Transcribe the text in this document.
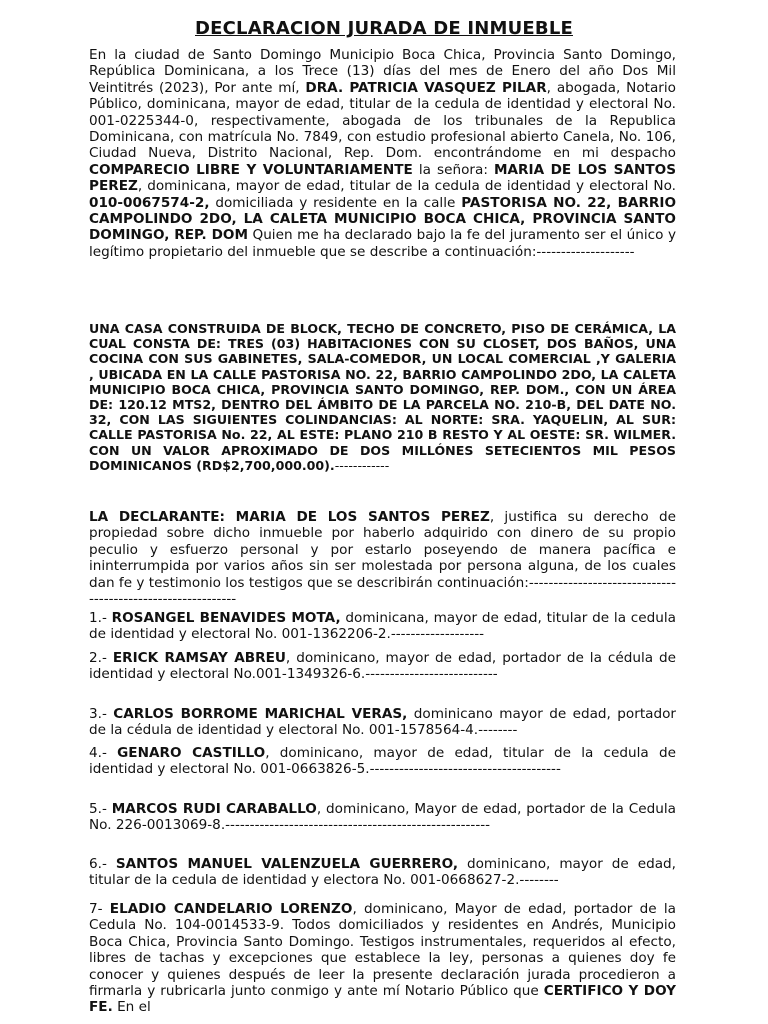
DECLARACION JURADA DE INMUEBLE

En la ciudad de Santo Domingo Municipio Boca Chica, Provincia Santo Domingo, República Dominicana, a los Trece (13) días del mes de Enero del año Dos Mil Veintitrés (2023), Por ante mí, DRA. PATRICIA VASQUEZ PILAR, abogada, Notario Público, dominicana, mayor de edad, titular de la cedula de identidad y electoral No. 001-0225344-0, respectivamente, abogada de los tribunales de la Republica Dominicana, con matrícula No. 7849, con estudio profesional abierto Canela, No. 106, Ciudad Nueva, Distrito Nacional, Rep. Dom. encontrándome en mi despacho COMPARECIO LIBRE Y VOLUNTARIAMENTE la señora: MARIA DE LOS SANTOS PEREZ, dominicana, mayor de edad, titular de la cedula de identidad y electoral No. 010-0067574-2, domiciliada y residente en la calle PASTORISA NO. 22, BARRIO CAMPOLINDO 2DO, LA CALETA MUNICIPIO BOCA CHICA, PROVINCIA SANTO DOMINGO, REP. DOM Quien me ha declarado bajo la fe del juramento ser el único y legítimo propietario del inmueble que se describe a continuación:--------------------

UNA CASA CONSTRUIDA DE BLOCK, TECHO DE CONCRETO, PISO DE CERÁMICA, LA CUAL CONSTA DE: TRES (03) HABITACIONES CON SU CLOSET, DOS BAÑOS, UNA COCINA CON SUS GABINETES, SALA-COMEDOR, UN LOCAL COMERCIAL ,Y GALERIA , UBICADA EN LA CALLE PASTORISA NO. 22, BARRIO CAMPOLINDO 2DO, LA CALETA MUNICIPIO BOCA CHICA, PROVINCIA SANTO DOMINGO, REP. DOM., CON UN ÁREA DE: 120.12 MTS2, DENTRO DEL ÁMBITO DE LA PARCELA NO. 210-B, DEL DATE NO. 32, CON LAS SIGUIENTES COLINDANCIAS: AL NORTE: SRA. YAQUELIN, AL SUR: CALLE PASTORISA No. 22, AL ESTE: PLANO 210 B RESTO Y AL OESTE: SR. WILMER. CON UN VALOR APROXIMADO DE DOS MILLÓNES SETECIENTOS MIL PESOS DOMINICANOS (RD$2,700,000.00).------------

LA DECLARANTE: MARIA DE LOS SANTOS PEREZ, justifica su derecho de propiedad sobre dicho inmueble por haberlo adquirido con dinero de su propio peculio y esfuerzo personal y por estarlo poseyendo de manera pacífica e ininterrumpida por varios años sin ser molestada por persona alguna, de los cuales dan fe y testimonio los testigos que se describirán continuación:------------------------------------------------------------

1.- ROSANGEL BENAVIDES MOTA, dominicana, mayor de edad, titular de la cedula de identidad y electoral No. 001-1362206-2.-------------------

2.- ERICK RAMSAY ABREU, dominicano, mayor de edad, portador de la cédula de identidad y electoral No.001-1349326-6.---------------------------

3.- CARLOS BORROME MARICHAL VERAS, dominicano mayor de edad, portador de la cédula de identidad y electoral No. 001-1578564-4.--------

4.- GENARO CASTILLO, dominicano, mayor de edad, titular de la cedula de identidad y electoral No. 001-0663826-5.---------------------------------------

5.- MARCOS RUDI CARABALLO, dominicano, Mayor de edad, portador de la Cedula No. 226-0013069-8.------------------------------------------------------

6.- SANTOS MANUEL VALENZUELA GUERRERO, dominicano, mayor de edad, titular de la cedula de identidad y electora No. 001-0668627-2.--------

7- ELADIO CANDELARIO LORENZO, dominicano, Mayor de edad, portador de la Cedula No. 104-0014533-9. Todos domiciliados y residentes en Andrés, Municipio Boca Chica, Provincia Santo Domingo. Testigos instrumentales, requeridos al efecto, libres de tachas y excepciones que establece la ley, personas a quienes doy fe conocer y quienes después de leer la presente declaración jurada procedieron a firmarla y rubricarla junto conmigo y ante mí Notario Público que CERTIFICO Y DOY FE. En el
